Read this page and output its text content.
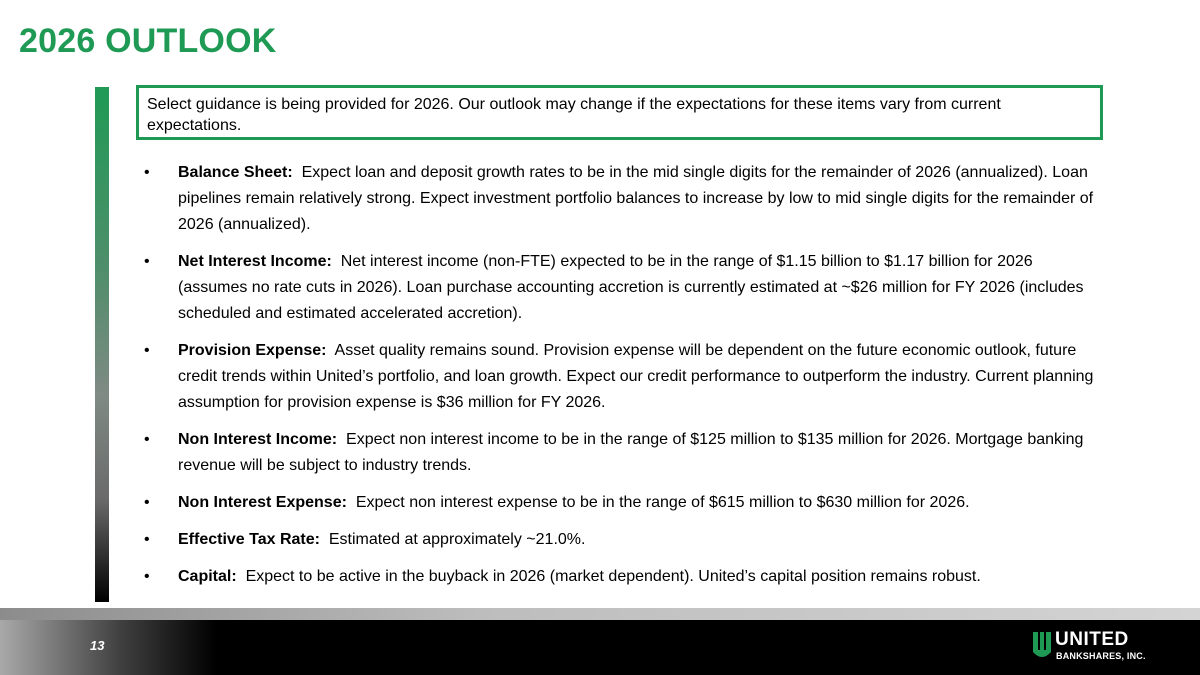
2026 OUTLOOK
Select guidance is being provided for 2026. Our outlook may change if the expectations for these items vary from current expectations.
• Balance Sheet: Expect loan and deposit growth rates to be in the mid single digits for the remainder of 2026 (annualized). Loan pipelines remain relatively strong. Expect investment portfolio balances to increase by low to mid single digits for the remainder of 2026 (annualized).
• Net Interest Income: Net interest income (non-FTE) expected to be in the range of $1.15 billion to $1.17 billion for 2026 (assumes no rate cuts in 2026). Loan purchase accounting accretion is currently estimated at ~$26 million for FY 2026 (includes scheduled and estimated accelerated accretion).
• Provision Expense: Asset quality remains sound. Provision expense will be dependent on the future economic outlook, future credit trends within United’s portfolio, and loan growth. Expect our credit performance to outperform the industry. Current planning assumption for provision expense is $36 million for FY 2026.
• Non Interest Income: Expect non interest income to be in the range of $125 million to $135 million for 2026. Mortgage banking revenue will be subject to industry trends.
• Non Interest Expense: Expect non interest expense to be in the range of $615 million to $630 million for 2026.
• Effective Tax Rate: Estimated at approximately ~21.0%.
• Capital: Expect to be active in the buyback in 2026 (market dependent). United’s capital position remains robust.
13	UNITED
BANKSHARES, INC.
